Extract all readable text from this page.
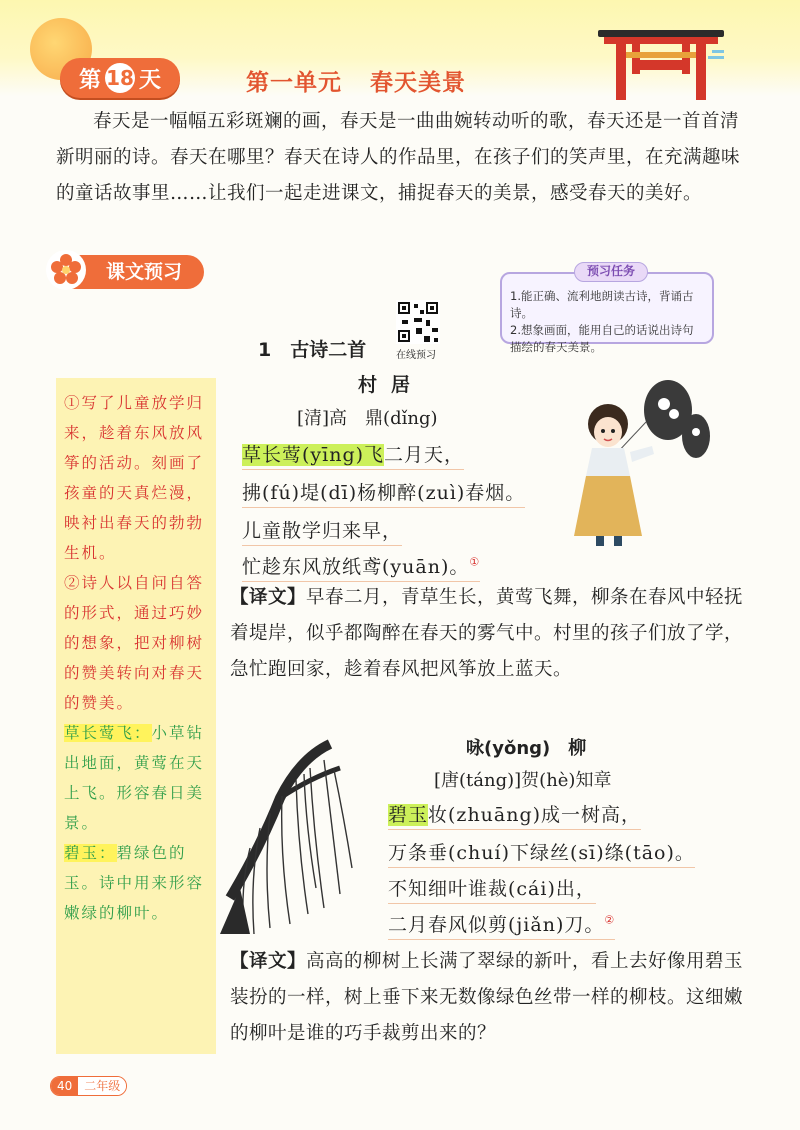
第 18 天	第一单元 春天美景
春天是一幅幅五彩斑斓的画，春天是一曲曲婉转动听的歌，春天还是一首首清新明丽的诗。春天在哪里？春天在诗人的作品里，在孩子们的笑声里，在充满趣味的童话故事里……让我们一起走进课文，捕捉春天的美景，感受春天的美好。
课文预习
1.能正确、流利地朗读古诗，背诵古诗。
2.想象画面，能用自己的话说出诗句描绘的春天美景。
预习任务
1　古诗二首	在线预习
①写了儿童放学归来，趁着东风放风筝的活动。刻画了孩童的天真烂漫，映衬出春天的勃勃生机。
②诗人以自问自答的形式，通过巧妙的想象，把对柳树的赞美转向对春天的赞美。
草长莺飞：小草钻出地面，黄莺在天上飞。形容春日美景。
碧玉：碧绿色的玉。诗中用来形容嫩绿的柳叶。
村居
[清]高　鼎(dǐng)
草长莺(yīng)飞二月天，
拂(fú)堤(dī)杨柳醉(zuì)春烟。
儿童散学归来早，
忙趁东风放纸鸢(yuān)。①
【译文】早春二月，青草生长，黄莺飞舞，柳条在春风中轻抚着堤岸，似乎都陶醉在春天的雾气中。村里的孩子们放了学，急忙跑回家，趁着春风把风筝放上蓝天。
咏(yǒng)　柳
[唐(táng)]贺(hè)知章
碧玉妆(zhuāng)成一树高，
万条垂(chuí)下绿丝(sī)绦(tāo)。
不知细叶谁裁(cái)出，
二月春风似剪(jiǎn)刀。②
【译文】高高的柳树上长满了翠绿的新叶，看上去好像用碧玉装扮的一样，树上垂下来无数像绿色丝带一样的柳枝。这细嫩的柳叶是谁的巧手裁剪出来的？
40	二年级
